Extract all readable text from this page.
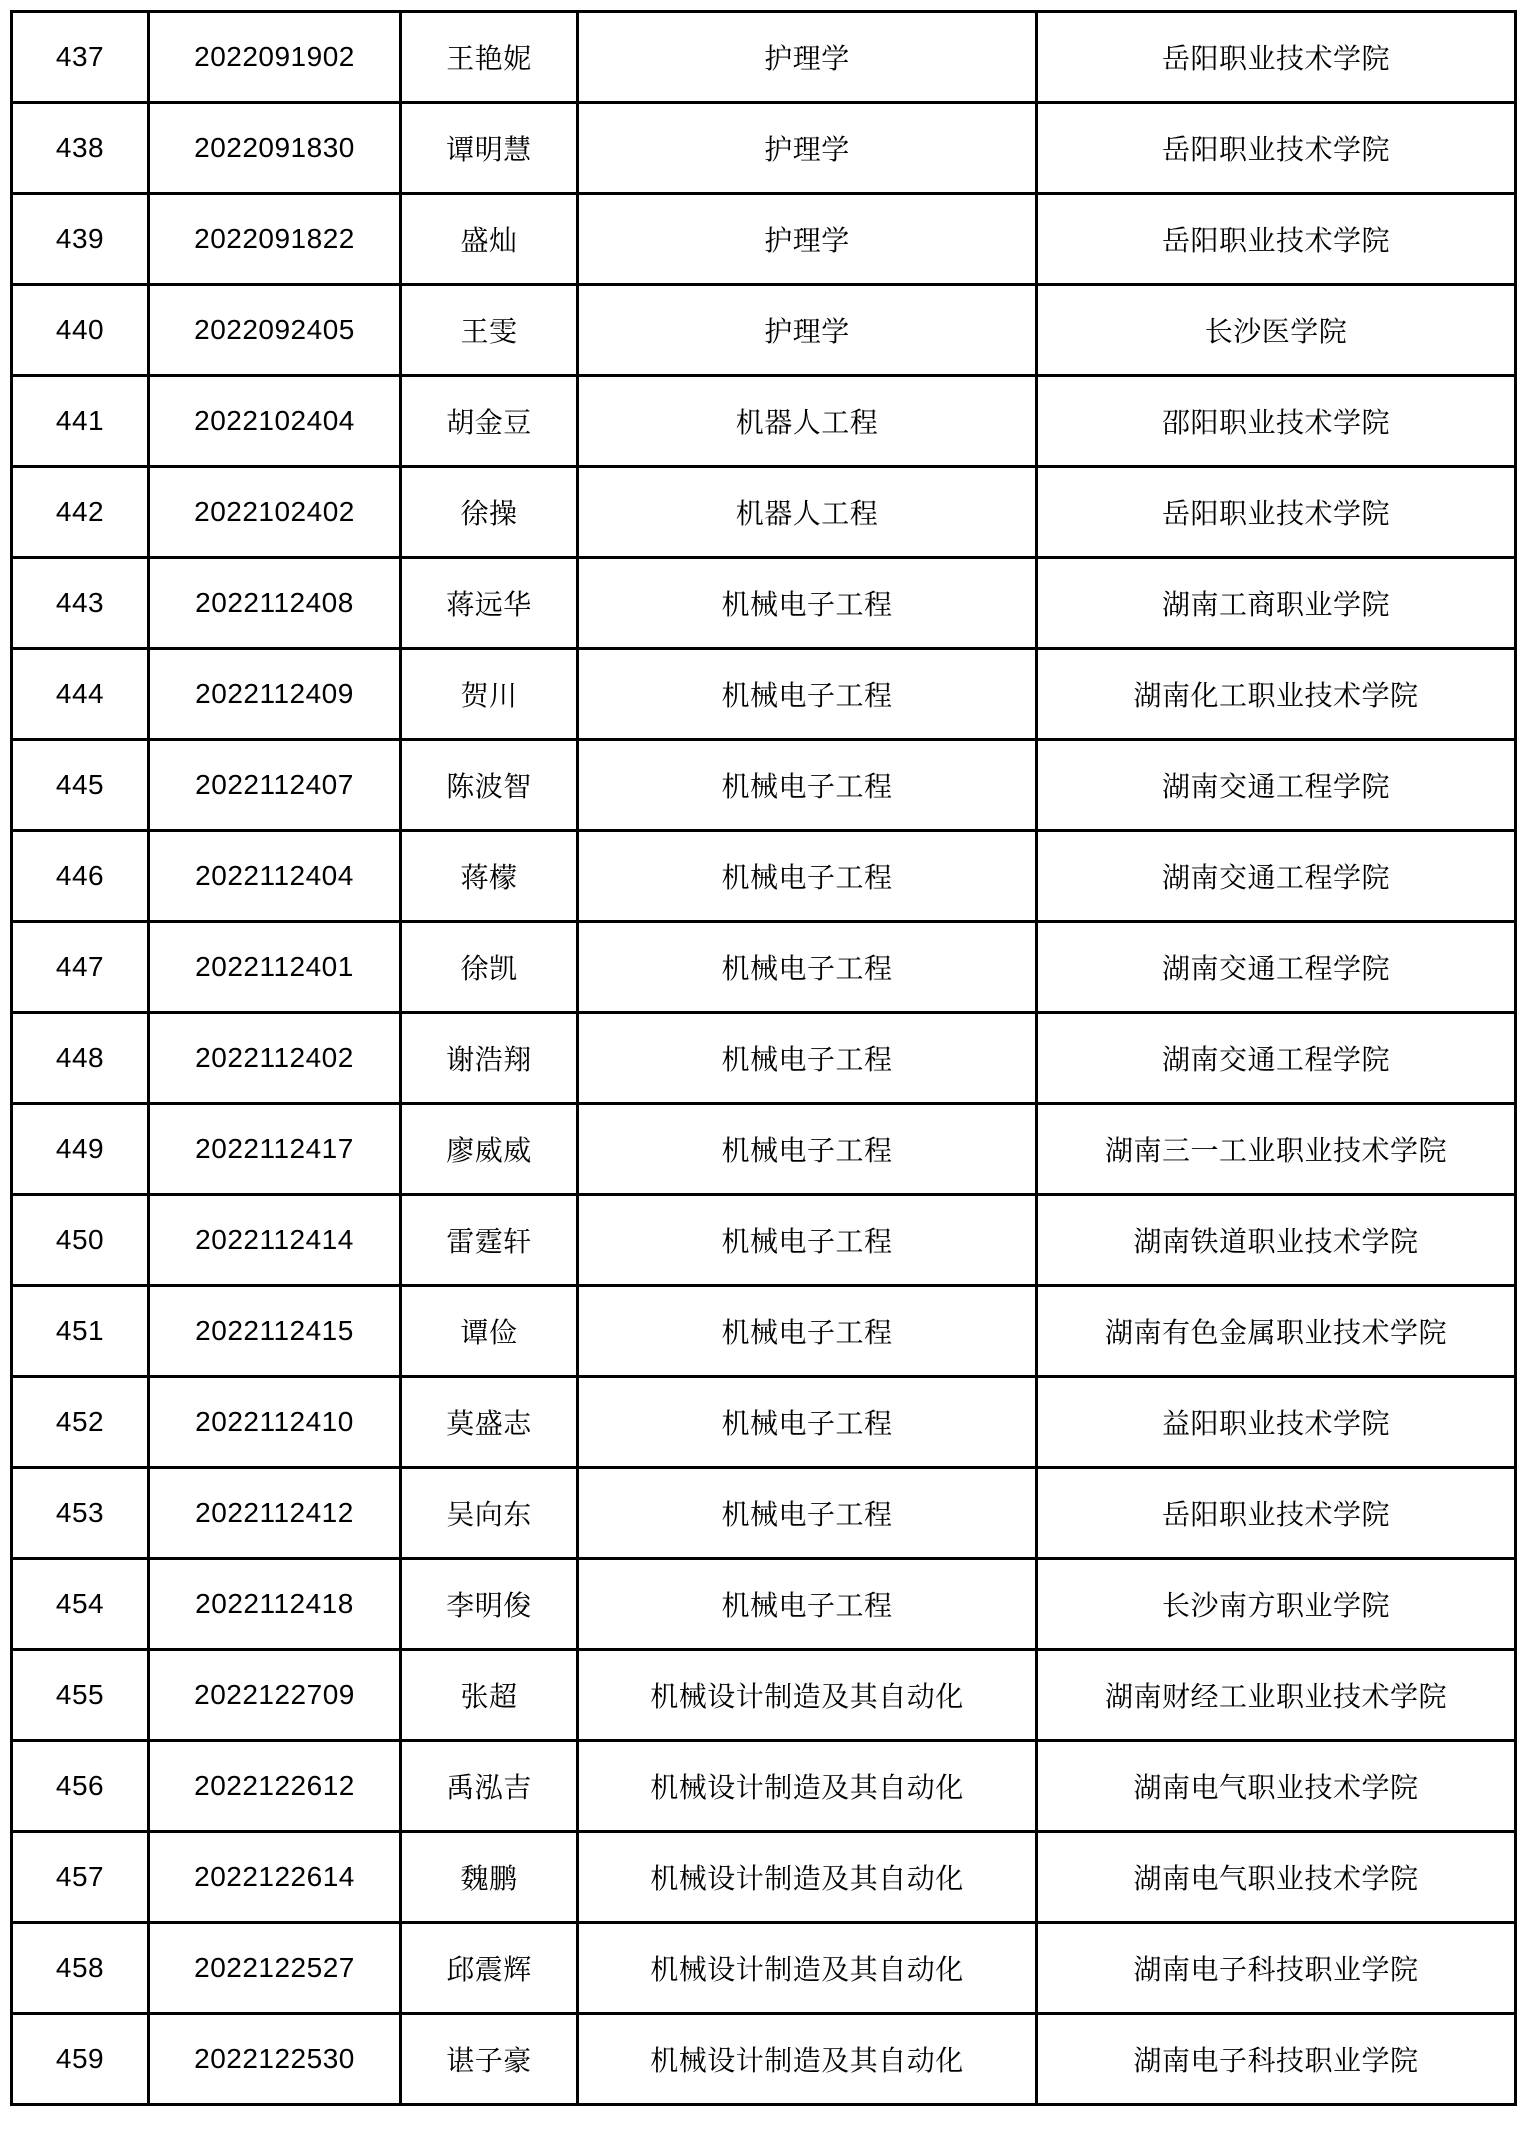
437	2022091902	王艳妮	护理学	岳阳职业技术学院
438	2022091830	谭明慧	护理学	岳阳职业技术学院
439	2022091822	盛灿	护理学	岳阳职业技术学院
440	2022092405	王雯	护理学	长沙医学院
441	2022102404	胡金豆	机器人工程	邵阳职业技术学院
442	2022102402	徐操	机器人工程	岳阳职业技术学院
443	2022112408	蒋远华	机械电子工程	湖南工商职业学院
444	2022112409	贺川	机械电子工程	湖南化工职业技术学院
445	2022112407	陈波智	机械电子工程	湖南交通工程学院
446	2022112404	蒋檬	机械电子工程	湖南交通工程学院
447	2022112401	徐凯	机械电子工程	湖南交通工程学院
448	2022112402	谢浩翔	机械电子工程	湖南交通工程学院
449	2022112417	廖威威	机械电子工程	湖南三一工业职业技术学院
450	2022112414	雷霆轩	机械电子工程	湖南铁道职业技术学院
451	2022112415	谭俭	机械电子工程	湖南有色金属职业技术学院
452	2022112410	莫盛志	机械电子工程	益阳职业技术学院
453	2022112412	吴向东	机械电子工程	岳阳职业技术学院
454	2022112418	李明俊	机械电子工程	长沙南方职业学院
455	2022122709	张超	机械设计制造及其自动化	湖南财经工业职业技术学院
456	2022122612	禹泓吉	机械设计制造及其自动化	湖南电气职业技术学院
457	2022122614	魏鹏	机械设计制造及其自动化	湖南电气职业技术学院
458	2022122527	邱震辉	机械设计制造及其自动化	湖南电子科技职业学院
459	2022122530	谌子豪	机械设计制造及其自动化	湖南电子科技职业学院
